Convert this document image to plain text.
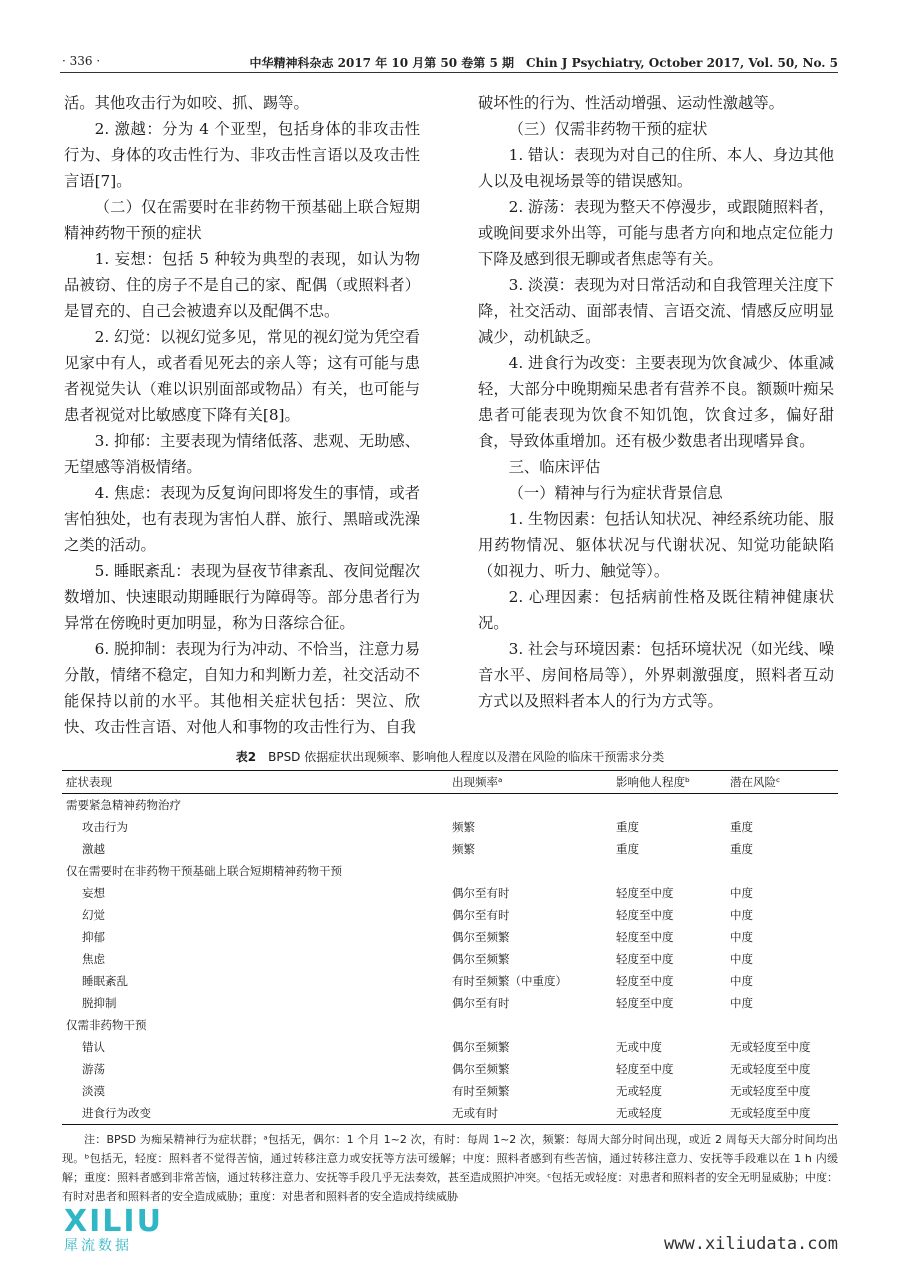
· 336 ·	中华精神科杂志 2017 年 10 月第 50 卷第 5 期　Chin J Psychiatry, October 2017, Vol. 50, No. 5

活。其他攻击行为如咬、抓、踢等。

2. 激越：分为 4 个亚型，包括身体的非攻击性行为、身体的攻击性行为、非攻击性言语以及攻击性言语[7]。

（二）仅在需要时在非药物干预基础上联合短期精神药物干预的症状

1. 妄想：包括 5 种较为典型的表现，如认为物品被窃、住的房子不是自己的家、配偶（或照料者）是冒充的、自己会被遗弃以及配偶不忠。

2. 幻觉：以视幻觉多见，常见的视幻觉为凭空看见家中有人，或者看见死去的亲人等；这有可能与患者视觉失认（难以识别面部或物品）有关，也可能与患者视觉对比敏感度下降有关[8]。

3. 抑郁：主要表现为情绪低落、悲观、无助感、无望感等消极情绪。

4. 焦虑：表现为反复询问即将发生的事情，或者害怕独处，也有表现为害怕人群、旅行、黑暗或洗澡之类的活动。

5. 睡眠紊乱：表现为昼夜节律紊乱、夜间觉醒次数增加、快速眼动期睡眠行为障碍等。部分患者行为异常在傍晚时更加明显，称为日落综合征。

6. 脱抑制：表现为行为冲动、不恰当，注意力易分散，情绪不稳定，自知力和判断力差，社交活动不能保持以前的水平。其他相关症状包括：哭泣、欣快、攻击性言语、对他人和事物的攻击性行为、自我

破坏性的行为、性活动增强、运动性激越等。

（三）仅需非药物干预的症状

1. 错认：表现为对自己的住所、本人、身边其他人以及电视场景等的错误感知。

2. 游荡：表现为整天不停漫步，或跟随照料者，或晚间要求外出等，可能与患者方向和地点定位能力下降及感到很无聊或者焦虑等有关。

3. 淡漠：表现为对日常活动和自我管理关注度下降，社交活动、面部表情、言语交流、情感反应明显减少，动机缺乏。

4. 进食行为改变：主要表现为饮食减少、体重减轻，大部分中晚期痴呆患者有营养不良。额颞叶痴呆患者可能表现为饮食不知饥饱，饮食过多，偏好甜食，导致体重增加。还有极少数患者出现嗜异食。

三、临床评估

（一）精神与行为症状背景信息

1. 生物因素：包括认知状况、神经系统功能、服用药物情况、躯体状况与代谢状况、知觉功能缺陷（如视力、听力、触觉等）。

2. 心理因素：包括病前性格及既往精神健康状况。

3. 社会与环境因素：包括环境状况（如光线、噪音水平、房间格局等），外界刺激强度，照料者互动方式以及照料者本人的行为方式等。

表2 BPSD 依据症状出现频率、影响他人程度以及潜在风险的临床干预需求分类
症状表现	出现频率ᵃ	影响他人程度ᵇ	潜在风险ᶜ
需要紧急精神药物治疗			
攻击行为	频繁	重度	重度
激越	频繁	重度	重度
仅在需要时在非药物干预基础上联合短期精神药物干预			
妄想	偶尔至有时	轻度至中度	中度
幻觉	偶尔至有时	轻度至中度	中度
抑郁	偶尔至频繁	轻度至中度	中度
焦虑	偶尔至频繁	轻度至中度	中度
睡眠紊乱	有时至频繁（中重度）	轻度至中度	中度
脱抑制	偶尔至有时	轻度至中度	中度
仅需非药物干预			
错认	偶尔至频繁	无或中度	无或轻度至中度
游荡	偶尔至频繁	轻度至中度	无或轻度至中度
淡漠	有时至频繁	无或轻度	无或轻度至中度
进食行为改变	无或有时	无或轻度	无或轻度至中度

注：BPSD 为痴呆精神行为症状群；ᵃ包括无，偶尔：1 个月 1~2 次，有时：每周 1~2 次，频繁：每周大部分时间出现，或近 2 周每天大部分时间均出现。ᵇ包括无，轻度：照料者不觉得苦恼，通过转移注意力或安抚等方法可缓解；中度：照料者感到有些苦恼，通过转移注意力、安抚等手段难以在 1 h 内缓解；重度：照料者感到非常苦恼，通过转移注意力、安抚等手段几乎无法奏效，甚至造成照护冲突。ᶜ包括无或轻度：对患者和照料者的安全无明显威胁；中度：有时对患者和照料者的安全造成威胁；重度：对患者和照料者的安全造成持续威胁

XILIU
犀流数据	www.xiliudata.com
